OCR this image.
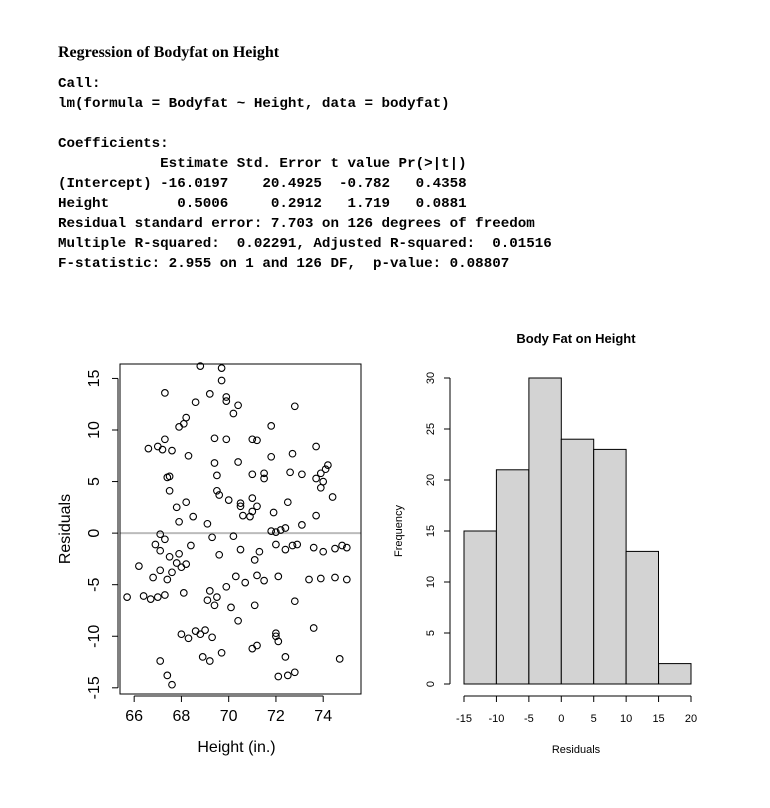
Regression of Bodyfat on Height
Call:
lm(formula = Bodyfat ~ Height, data = bodyfat)

Coefficients:
Estimate Std. Error t value Pr(>|t|)
(Intercept) -16.0197    20.4925  -0.782   0.4358
Height        0.5006     0.2912   1.719   0.0881
Residual standard error: 7.703 on 126 degrees of freedom
Multiple R-squared:  0.02291, Adjusted R-squared:  0.01516
F-statistic: 2.955 on 1 and 126 DF,  p-value: 0.08807
66 68 70 72 74
Height (in.)
-15
-10
-5
0
5
10
15
Residuals
Body Fat on Height
-15 -10 -5 0 5 10 15 20
Residuals
0
5
10
15
20
25
30
Frequency
